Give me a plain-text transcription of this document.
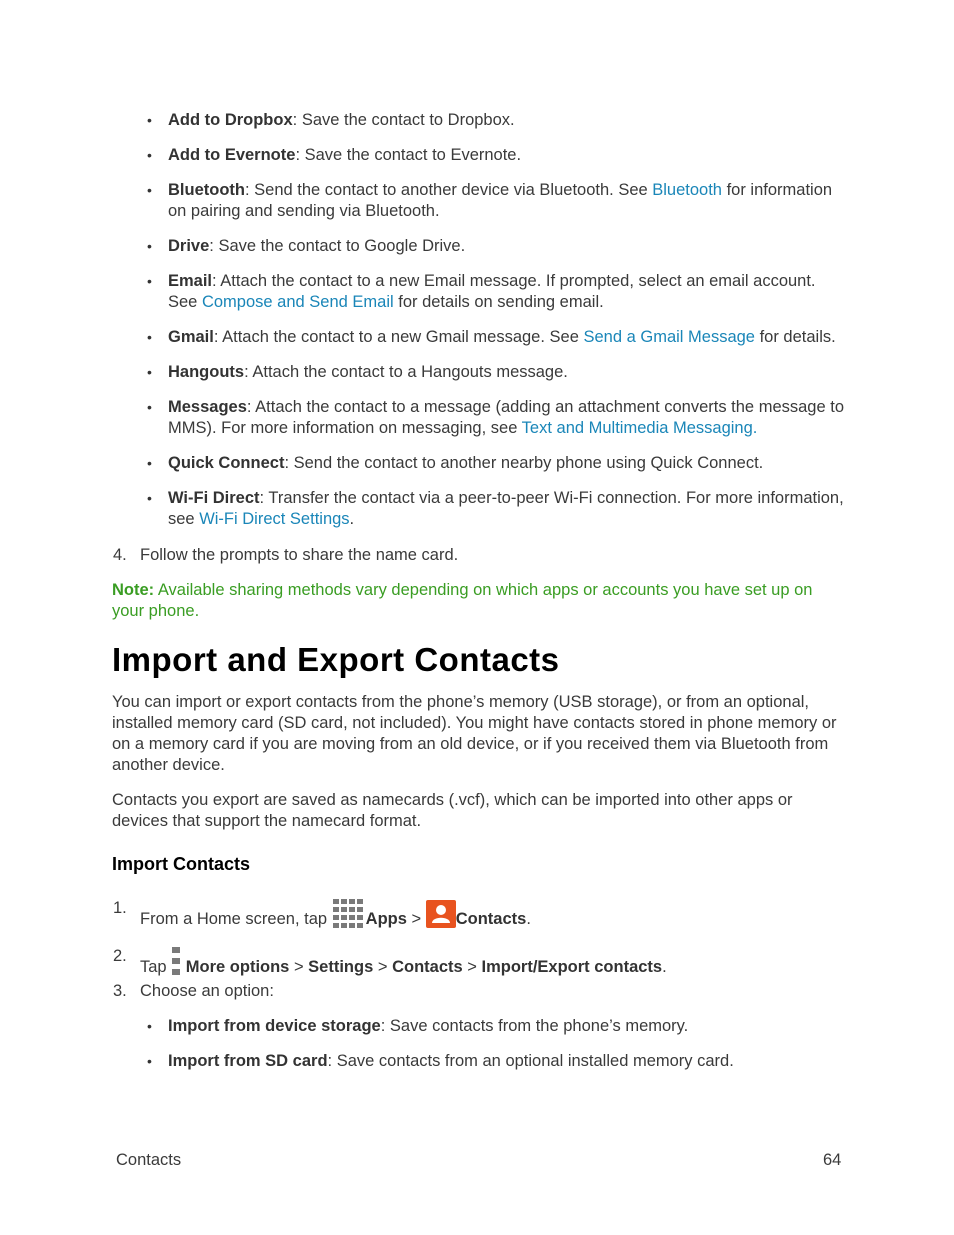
• Add to Dropbox: Save the contact to Dropbox.
• Add to Evernote: Save the contact to Evernote.
• Bluetooth: Send the contact to another device via Bluetooth. See Bluetooth for information on pairing and sending via Bluetooth.
• Drive: Save the contact to Google Drive.
• Email: Attach the contact to a new Email message. If prompted, select an email account. See Compose and Send Email for details on sending email.
• Gmail: Attach the contact to a new Gmail message. See Send a Gmail Message for details.
• Hangouts: Attach the contact to a Hangouts message.
• Messages: Attach the contact to a message (adding an attachment converts the message to MMS). For more information on messaging, see Text and Multimedia Messaging.
• Quick Connect: Send the contact to another nearby phone using Quick Connect.
• Wi-Fi Direct: Transfer the contact via a peer-to-peer Wi-Fi connection. For more information, see Wi-Fi Direct Settings.
4. Follow the prompts to share the name card.
Note: Available sharing methods vary depending on which apps or accounts you have set up on your phone.
Import and Export Contacts

You can import or export contacts from the phone’s memory (USB storage), or from an optional, installed memory card (SD card, not included). You might have contacts stored in phone memory or on a memory card if you are moving from an old device, or if you received them via Bluetooth from another device.

Contacts you export are saved as namecards (.vcf), which can be imported into other apps or devices that support the namecard format.

Import Contacts
1.
From a Home screen, tap Apps > Contacts.
2.
Tap  More options > Settings > Contacts > Import/Export contacts.
3. Choose an option:
• Import from device storage: Save contacts from the phone’s memory.
• Import from SD card: Save contacts from an optional installed memory card.
Contacts	64
